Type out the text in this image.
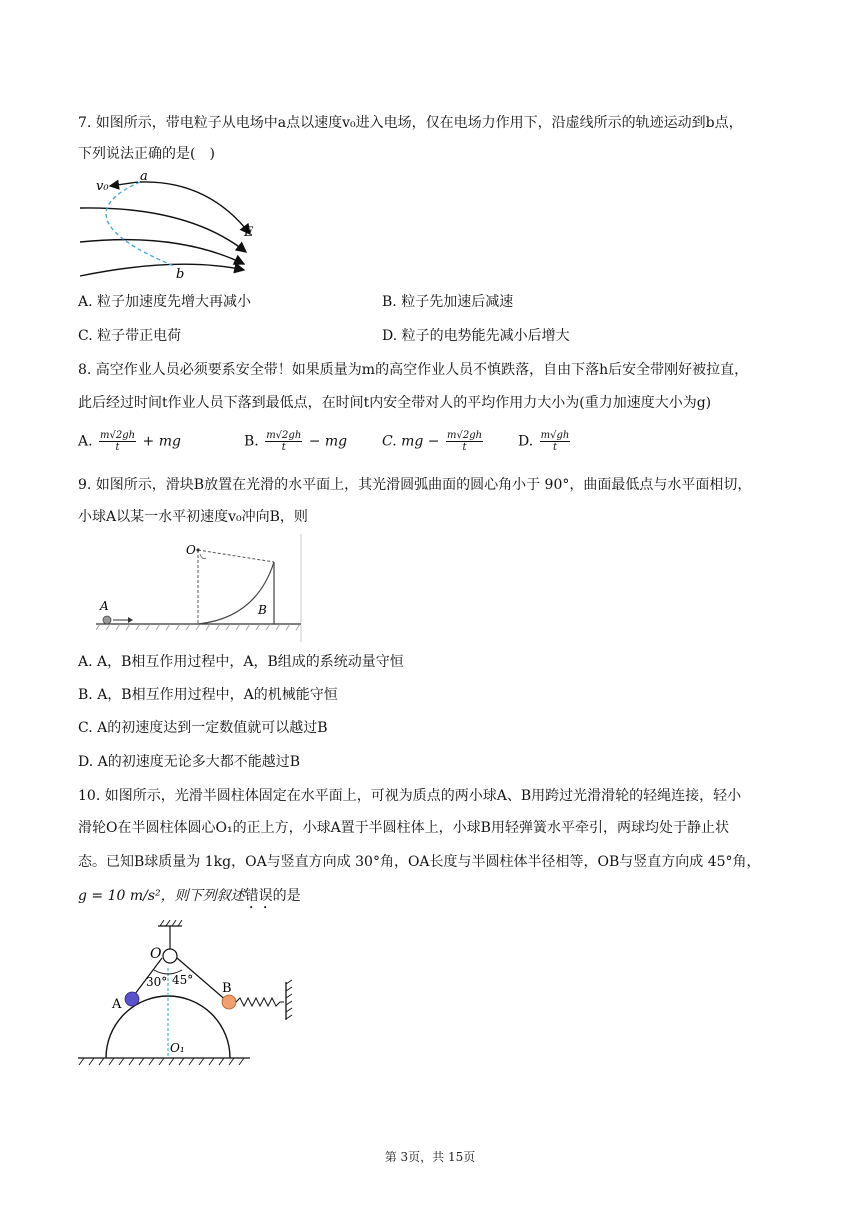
7. 如图所示，带电粒子从电场中a点以速度v₀进入电场，仅在电场力作用下，沿虚线所示的轨迹运动到b点，
下列说法正确的是(　)
v₀
a
E
b
A. 粒子加速度先增大再减小	B. 粒子先加速后减速
C. 粒子带正电荷	D. 粒子的电势能先减小后增大
8. 高空作业人员必须要系安全带！如果质量为m的高空作业人员不慎跌落，自由下落h后安全带刚好被拉直，
此后经过时间t作业人员下落到最低点，在时间t内安全带对人的平均作用力大小为(重力加速度大小为g)
A. $\frac{m√2gh}{t}$ + mg	B. $\frac{m√2gh}{t}$ − mg C. mg − $\frac{m√2gh}{t} D$. $\frac{m√gh}{t}$
9. 如图所示，滑块B放置在光滑的水平面上，其光滑圆弧曲面的圆心角小于 90°，曲面最低点与水平面相切，
小球A以某一水平初速度v₀冲向B，则
O
A	B
A. A，B相互作用过程中，A，B组成的系统动量守恒
B. A，B相互作用过程中，A的机械能守恒
C. A的初速度达到一定数值就可以越过B
D. A的初速度无论多大都不能越过B
10. 如图所示，光滑半圆柱体固定在水平面上，可视为质点的两小球A、B用跨过光滑滑轮的轻绳连接，轻小
滑轮O在半圆柱体圆心O₁的正上方，小球A置于半圆柱体上，小球B用轻弹簧水平牵引，两球均处于静止状
态。已知B球质量为 1kg，OA与竖直方向成 30°角，OA长度与半圆柱体半径相等，OB与竖直方向成 45°角，
g = 10 m/s²，则下列叙述错误的是
O
A
B
30° 45°
O₁
第 3页，共 15页
